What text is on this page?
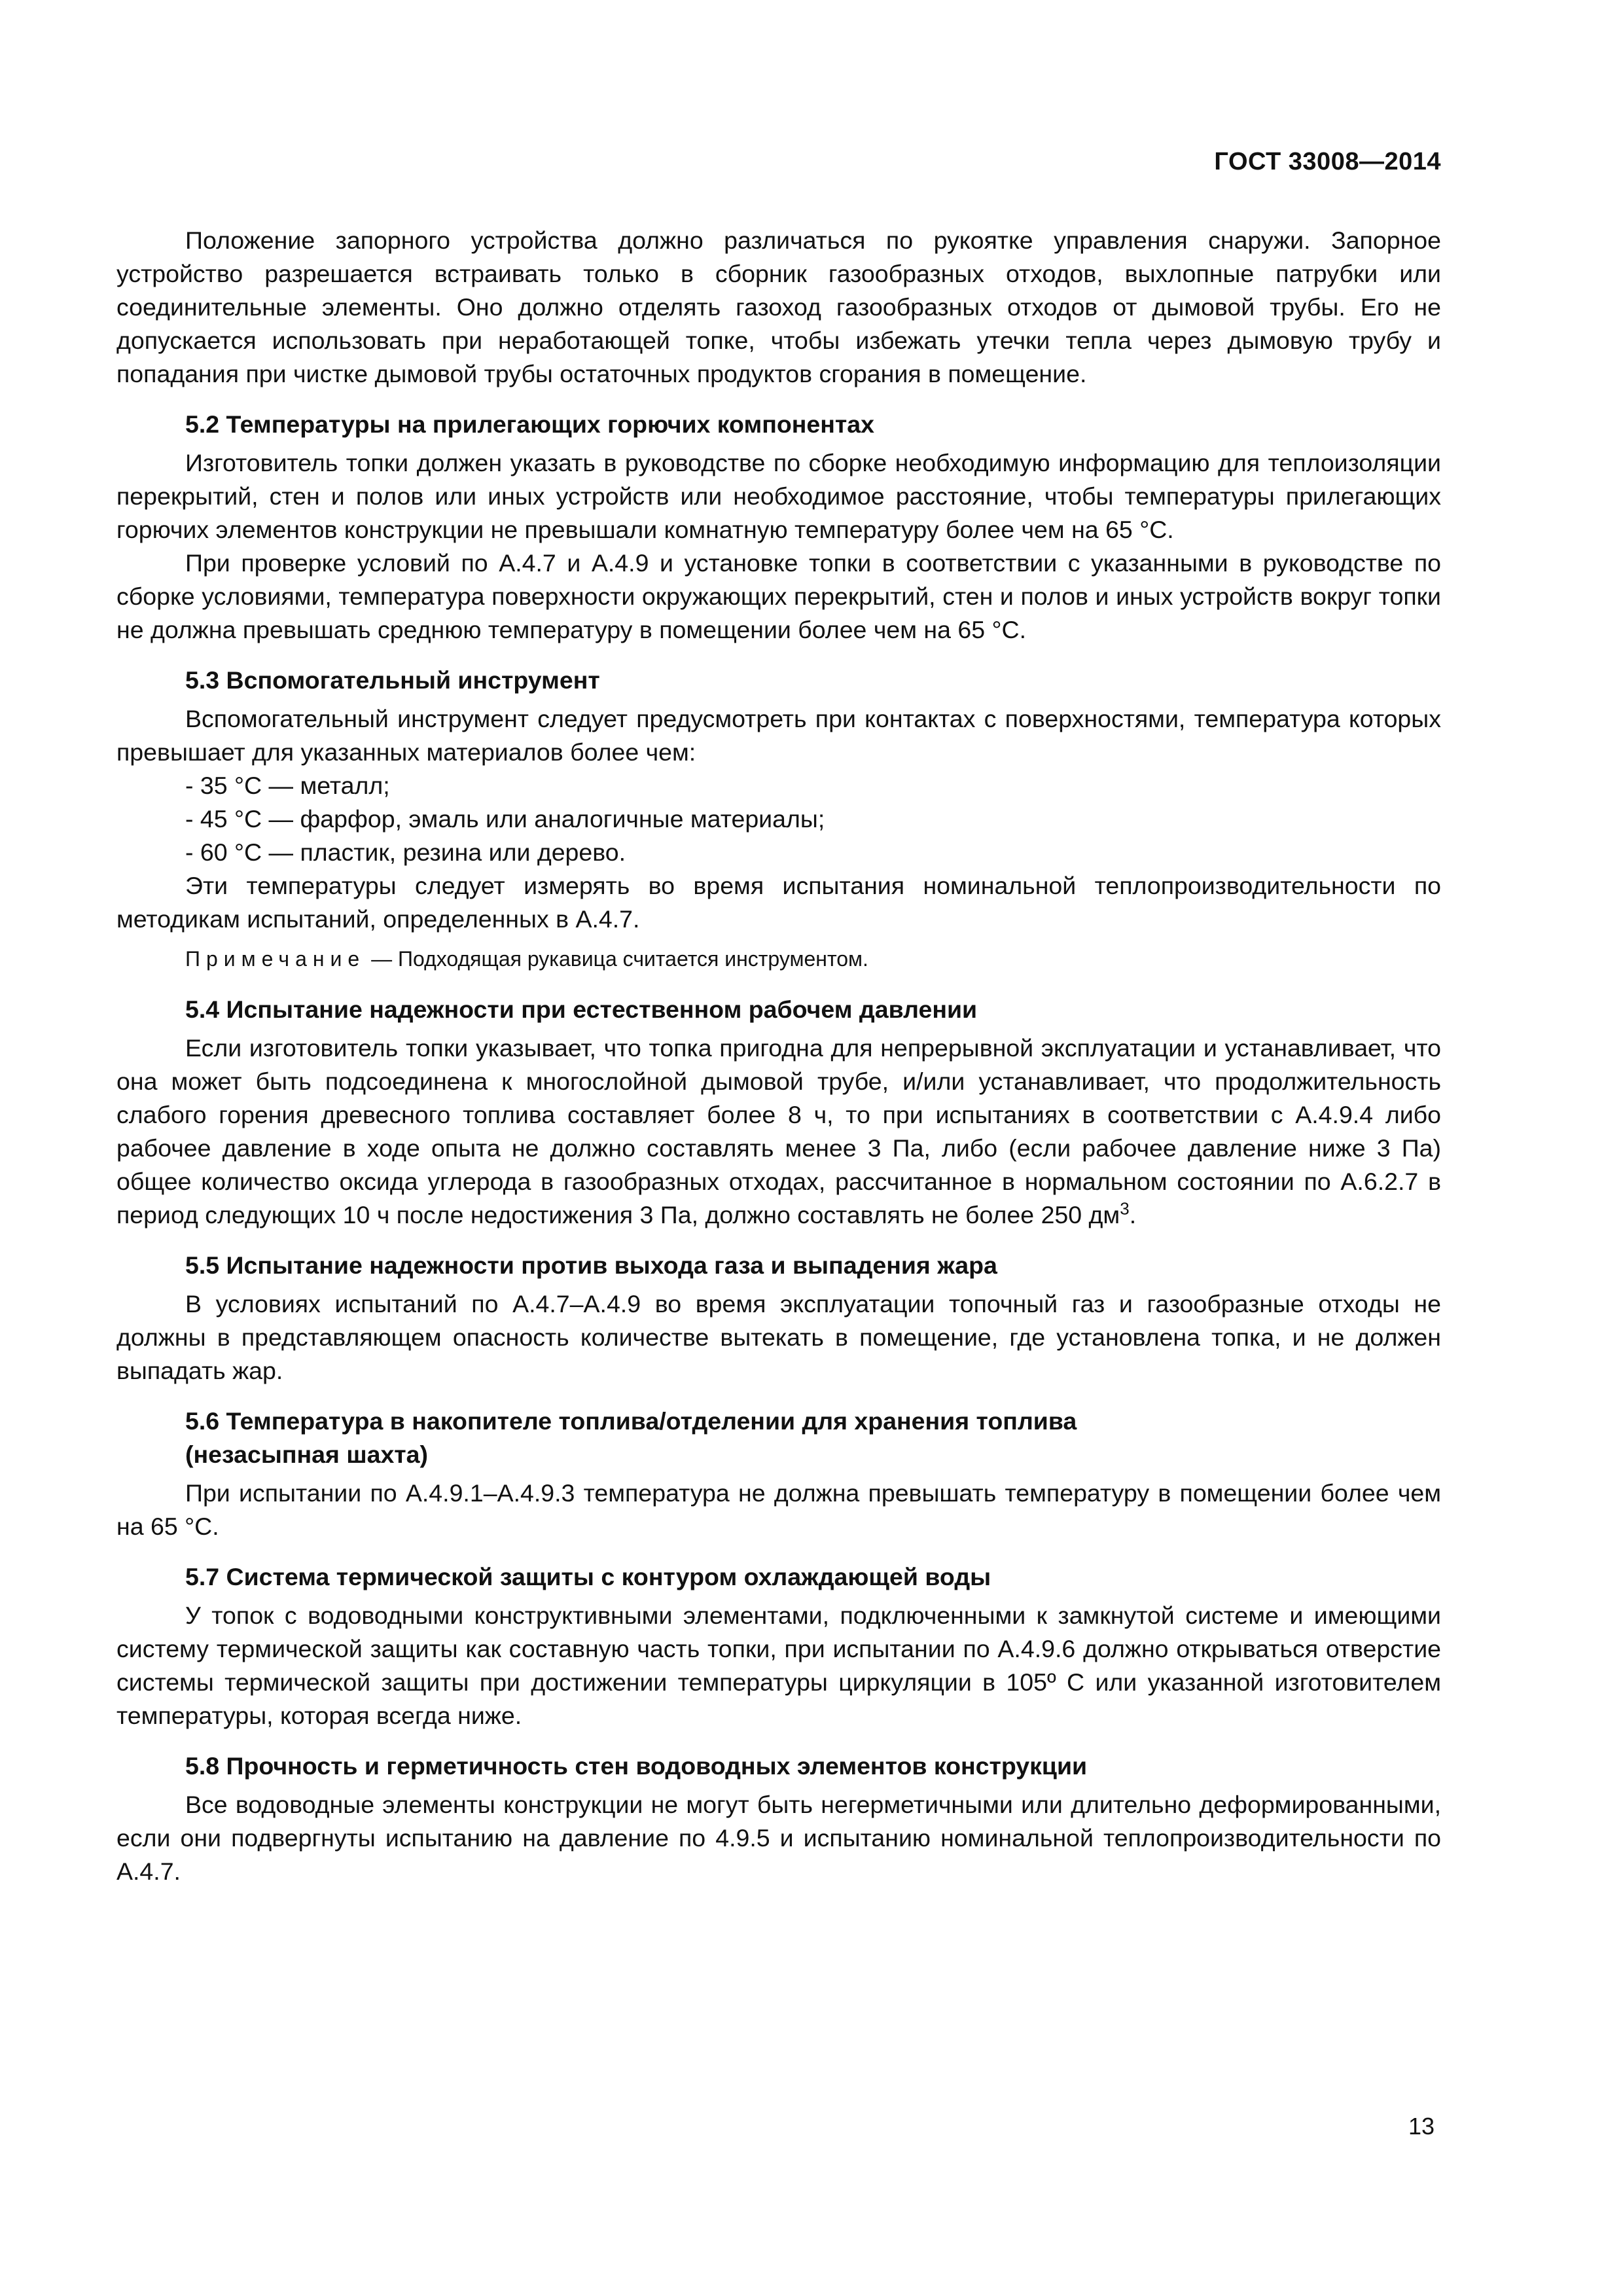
ГОСТ 33008—2014

Положение запорного устройства должно различаться по рукоятке управления снаружи. Запорное устройство разрешается встраивать только в сборник газообразных отходов, выхлопные патрубки или соединительные элементы. Оно должно отделять газоход газообразных отходов от дымовой трубы. Его не допускается использовать при неработающей топке, чтобы избежать утечки тепла через дымовую трубу и попадания при чистке дымовой трубы остаточных продуктов сгорания в помещение.

5.2 Температуры на прилегающих горючих компонентах

Изготовитель топки должен указать в руководстве по сборке необходимую информацию для теплоизоляции перекрытий, стен и полов или иных устройств или необходимое расстояние, чтобы температуры прилегающих горючих элементов конструкции не превышали комнатную температуру более чем на 65 °С.

При проверке условий по А.4.7 и А.4.9 и установке топки в соответствии с указанными в руководстве по сборке условиями, температура поверхности окружающих перекрытий, стен и полов и иных устройств вокруг топки не должна превышать среднюю температуру в помещении более чем на 65 °С.

5.3 Вспомогательный инструмент

Вспомогательный инструмент следует предусмотреть при контактах с поверхностями, температура которых превышает для указанных материалов более чем:

- 35 °С — металл;

- 45 °С — фарфор, эмаль или аналогичные материалы;

- 60 °С — пластик, резина или дерево.

Эти температуры следует измерять во время испытания номинальной теплопроизводительности по методикам испытаний, определенных в А.4.7.

Примечание — Подходящая рукавица считается инструментом.
5.4 Испытание надежности при естественном рабочем давлении

Если изготовитель топки указывает, что топка пригодна для непрерывной эксплуатации и устанавливает, что она может быть подсоединена к многослойной дымовой трубе, и/или устанавливает, что продолжительность слабого горения древесного топлива составляет более 8 ч, то при испытаниях в соответствии с А.4.9.4 либо рабочее давление в ходе опыта не должно составлять менее 3 Па, либо (если рабочее давление ниже 3 Па) общее количество оксида углерода в газообразных отходах, рассчитанное в нормальном состоянии по А.6.2.7 в период следующих 10 ч после недостижения 3 Па, должно составлять не более 250 $дм^3$.

5.5 Испытание надежности против выхода газа и выпадения жара

В условиях испытаний по А.4.7–А.4.9 во время эксплуатации топочный газ и газообразные отходы не должны в представляющем опасность количестве вытекать в помещение, где установлена топка, и не должен выпадать жар.

5.6 Температура в накопителе топлива/отделении для хранения топлива
(незасыпная шахта)

При испытании по А.4.9.1–А.4.9.3 температура не должна превышать температуру в помещении более чем на 65 °С.

5.7 Система термической защиты с контуром охлаждающей воды

У топок с водоводными конструктивными элементами, подключенными к замкнутой системе и имеющими систему термической защиты как составную часть топки, при испытании по А.4.9.6 должно открываться отверстие системы термической защиты при достижении температуры циркуляции в 105º С или указанной изготовителем температуры, которая всегда ниже.

5.8 Прочность и герметичность стен водоводных элементов конструкции

Все водоводные элементы конструкции не могут быть негерметичными или длительно деформированными, если они подвергнуты испытанию на давление по 4.9.5 и испытанию номинальной теплопроизводительности по А.4.7.

13
